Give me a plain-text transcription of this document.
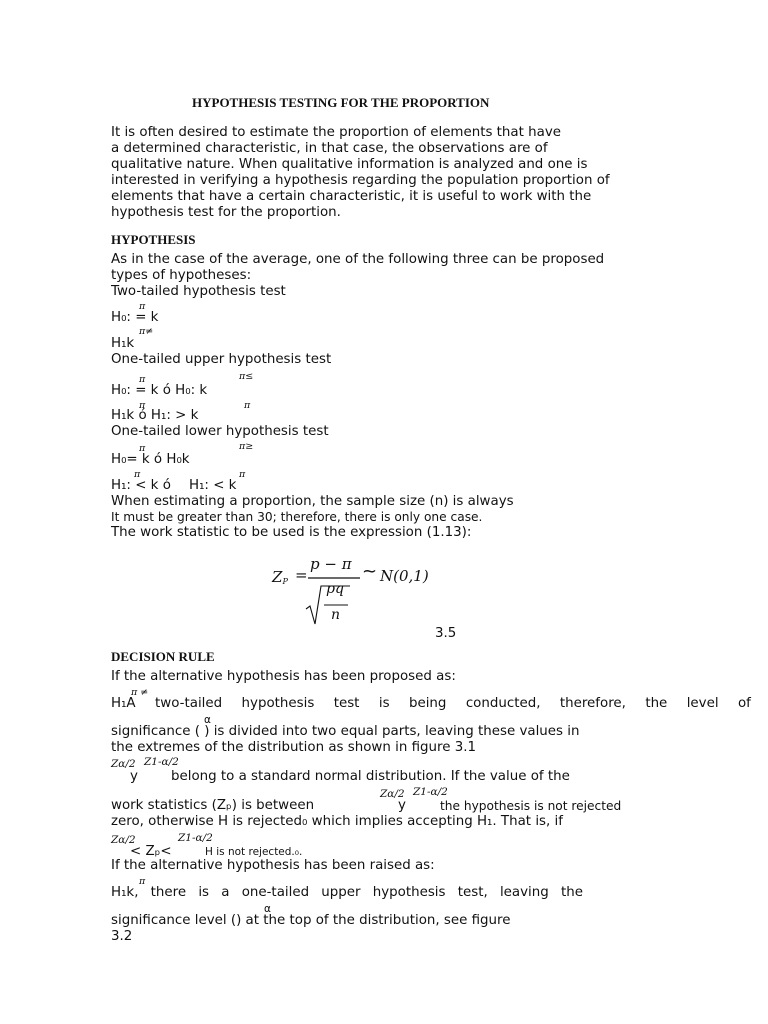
HYPOTHESIS TESTING FOR THE PROPORTION
It is often desired to estimate the proportion of elements that have
a determined characteristic, in that case, the observations are of
qualitative nature. When qualitative information is analyzed and one is
interested in verifying a hypothesis regarding the population proportion of
elements that have a certain characteristic, it is useful to work with the
hypothesis test for the proportion.
HYPOTHESIS
As in the case of the average, one of the following three can be proposed
types of hypotheses:
Two-tailed hypothesis test
π
H₀: = k
π≠
H₁k
One-tailed upper hypothesis test
π	π≤
H₀: = k ó H₀: k
π	π
H₁k ó H₁: > k
One-tailed lower hypothesis test
π	π≥
H₀= k ó H₀k
π	π
H₁: < k ó H₁: < k
When estimating a proportion, the sample size (n) is always
It must be greater than 30; therefore, there is only one case.
The work statistic to be used is the expression (1.13):
$Z_P$ =
p − π
pq
n
~ N(0,1)
3.5
DECISION RULE
If the alternative hypothesis has been proposed as:
π ≠
H₁A two-tailed hypothesis test is being conducted, therefore, the level of
α
significance ( ) is divided into two equal parts, leaving these values in
the extremes of the distribution as shown in figure 3.1
Zα/2 Z1-α/2
y belong to a standard normal distribution. If the value of the
Zα/2 Z1-α/2
work statistics (Zₚ) is between	y	the hypothesis is not rejected
zero, otherwise H is rejected₀ which implies accepting H₁. That is, if
Zα/2	Z1-α/2
< Zₚ<	H is not rejected.₀.
If the alternative hypothesis has been raised as:
π
H₁k, there is a one-tailed upper hypothesis test, leaving the
α
significance level () at the top of the distribution, see figure
3.2
